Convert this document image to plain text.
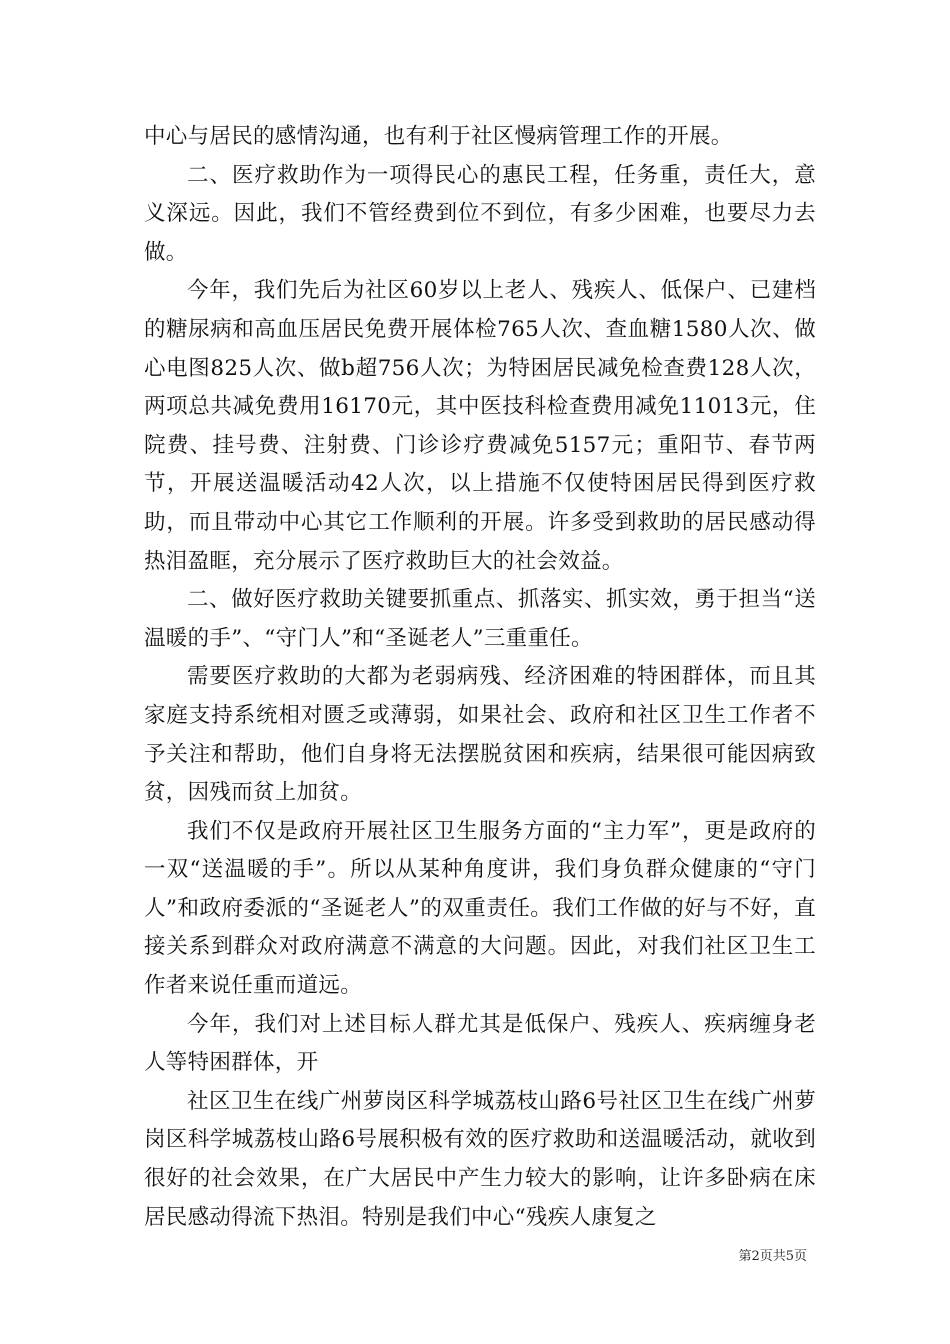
中心与居民的感情沟通，也有利于社区慢病管理工作的开展。

二、医疗救助作为一项得民心的惠民工程，任务重，责任大，意义深远。因此，我们不管经费到位不到位，有多少困难，也要尽力去做。

今年，我们先后为社区60岁以上老人、残疾人、低保户、已建档的糖尿病和高血压居民免费开展体检765人次、查血糖1580人次、做心电图825人次、做b超756人次；为特困居民减免检查费128人次，两项总共减免费用16170元，其中医技科检查费用减免11013元，住院费、挂号费、注射费、门诊诊疗费减免5157元；重阳节、春节两节，开展送温暖活动42人次，以上措施不仅使特困居民得到医疗救助，而且带动中心其它工作顺利的开展。许多受到救助的居民感动得热泪盈眶，充分展示了医疗救助巨大的社会效益。

二、做好医疗救助关键要抓重点、抓落实、抓实效，勇于担当“送温暖的手”、“守门人”和“圣诞老人”三重重任。

需要医疗救助的大都为老弱病残、经济困难的特困群体，而且其家庭支持系统相对匮乏或薄弱，如果社会、政府和社区卫生工作者不予关注和帮助，他们自身将无法摆脱贫困和疾病，结果很可能因病致贫，因残而贫上加贫。

我们不仅是政府开展社区卫生服务方面的“主力军”，更是政府的一双“送温暖的手”。所以从某种角度讲，我们身负群众健康的“守门人”和政府委派的“圣诞老人”的双重责任。我们工作做的好与不好，直接关系到群众对政府满意不满意的大问题。因此，对我们社区卫生工作者来说任重而道远。

今年，我们对上述目标人群尤其是低保户、残疾人、疾病缠身老人等特困群体，开

社区卫生在线广州萝岗区科学城荔枝山路6号社区卫生在线广州萝岗区科学城荔枝山路6号展积极有效的医疗救助和送温暖活动，就收到很好的社会效果，在广大居民中产生力较大的影响，让许多卧病在床居民感动得流下热泪。特别是我们中心“残疾人康复之

第2页共5页
